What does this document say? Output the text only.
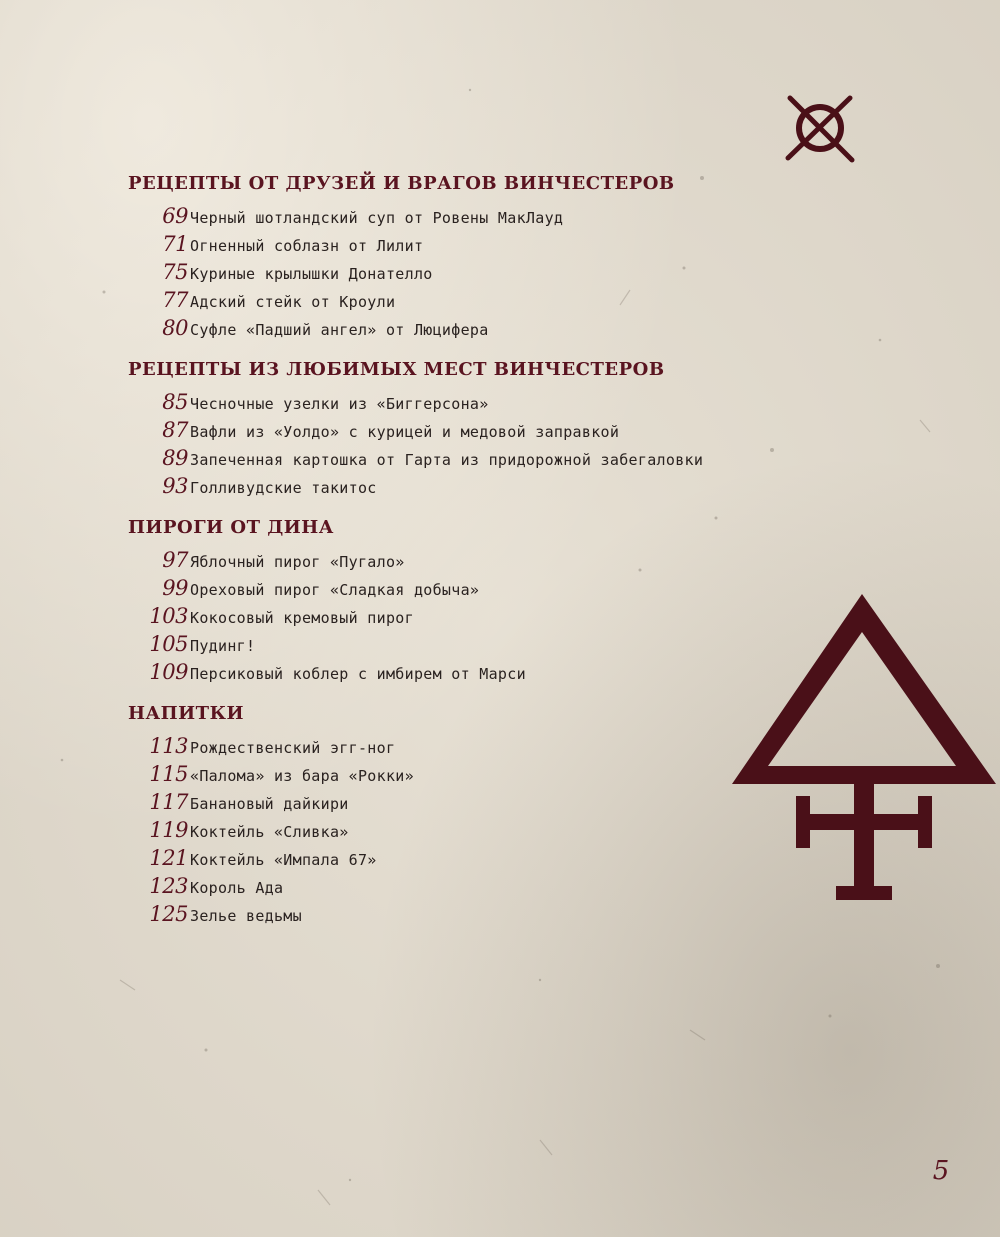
РЕЦЕПТЫ ОТ ДРУЗЕЙ И ВРАГОВ ВИНЧЕСТЕРОВ
69 Черный шотландский суп от Ровены МакЛауд
71 Огненный соблазн от Лилит
75 Куриные крылышки Донателло
77 Адский стейк от Кроули
80 Суфле «Падший ангел» от Люцифера
РЕЦЕПТЫ ИЗ ЛЮБИМЫХ МЕСТ ВИНЧЕСТЕРОВ
85 Чесночные узелки из «Биггерсона»
87 Вафли из «Уолдо» с курицей и медовой заправкой
89 Запеченная картошка от Гарта из придорожной забегаловки
93 Голливудские такитос
ПИРОГИ ОТ ДИНА
97 Яблочный пирог «Пугало»
99 Ореховый пирог «Сладкая добыча»
103 Кокосовый кремовый пирог
105 Пудинг!
109 Персиковый коблер с имбирем от Марси
НАПИТКИ
113 Рождественский эгг-ног
115 «Палома» из бара «Рокки»
117 Банановый дайкири
119 Коктейль «Сливка»
121 Коктейль «Импала 67»
123 Король Ада
125 Зелье ведьмы
5
